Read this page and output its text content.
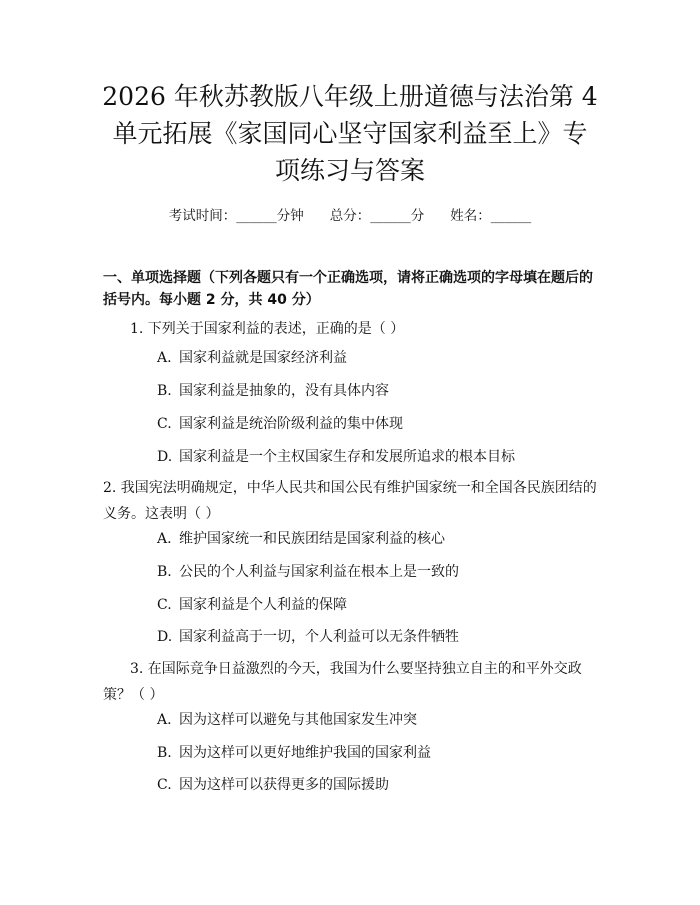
2026 年秋苏教版八年级上册道德与法治第 4
单元拓展《家国同心坚守国家利益至上》专
项练习与答案
考试时间：______分钟 总分：______分 姓名：______
一、单项选择题（下列各题只有一个正确选项，请将正确选项的字母填在题后的括号内。每小题 2 分，共 40 分）
1. 下列关于国家利益的表述，正确的是（ ）
A. 国家利益就是国家经济利益
B. 国家利益是抽象的，没有具体内容
C. 国家利益是统治阶级利益的集中体现
D. 国家利益是一个主权国家生存和发展所追求的根本目标
2. 我国宪法明确规定，中华人民共和国公民有维护国家统一和全国各民族团结的义务。这表明（ ）
A. 维护国家统一和民族团结是国家利益的核心
B. 公民的个人利益与国家利益在根本上是一致的
C. 国家利益是个人利益的保障
D. 国家利益高于一切，个人利益可以无条件牺牲
3. 在国际竞争日益激烈的今天，我国为什么要坚持独立自主的和平外交政策？（ ）
A. 因为这样可以避免与其他国家发生冲突
B. 因为这样可以更好地维护我国的国家利益
C. 因为这样可以获得更多的国际援助
